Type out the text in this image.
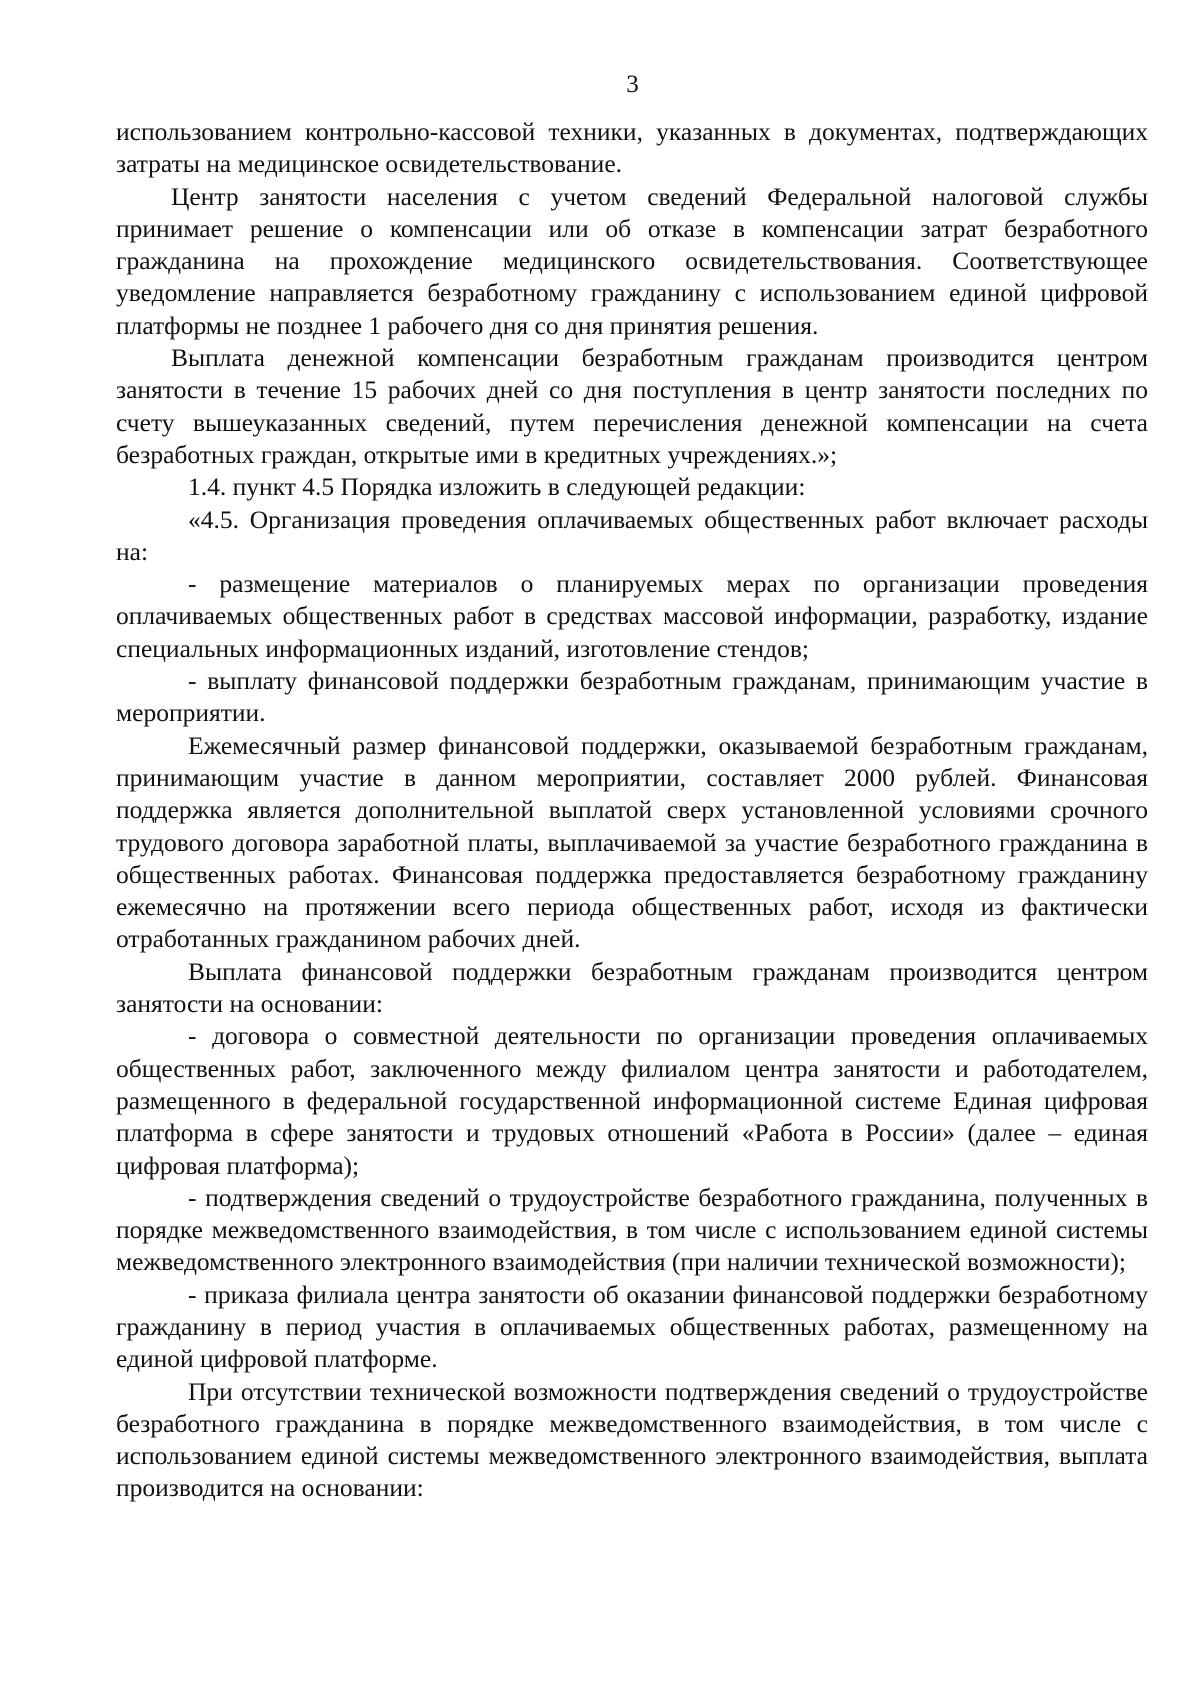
3

использованием контрольно-кассовой техники, указанных в документах, подтверждающих затраты на медицинское освидетельствование.

Центр занятости населения с учетом сведений Федеральной налоговой службы принимает решение о компенсации или об отказе в компенсации затрат безработного гражданина на прохождение медицинского освидетельствования. Соответствующее уведомление направляется безработному гражданину с использованием единой цифровой платформы не позднее 1 рабочего дня со дня принятия решения.

Выплата денежной компенсации безработным гражданам производится центром занятости в течение 15 рабочих дней со дня поступления в центр занятости последних по счету вышеуказанных сведений, путем перечисления денежной компенсации на счета безработных граждан, открытые ими в кредитных учреждениях.»;

1.4. пункт 4.5 Порядка изложить в следующей редакции:

«4.5. Организация проведения оплачиваемых общественных работ включает расходы на:

- размещение материалов о планируемых мерах по организации проведения оплачиваемых общественных работ в средствах массовой информации, разработку, издание специальных информационных изданий, изготовление стендов;

- выплату финансовой поддержки безработным гражданам, принимающим участие в мероприятии.

Ежемесячный размер финансовой поддержки, оказываемой безработным гражданам, принимающим участие в данном мероприятии, составляет 2000 рублей. Финансовая поддержка является дополнительной выплатой сверх установленной условиями срочного трудового договора заработной платы, выплачиваемой за участие безработного гражданина в общественных работах. Финансовая поддержка предоставляется безработному гражданину ежемесячно на протяжении всего периода общественных работ, исходя из фактически отработанных гражданином рабочих дней.

Выплата финансовой поддержки безработным гражданам производится центром занятости на основании:

- договора о совместной деятельности по организации проведения оплачиваемых общественных работ, заключенного между филиалом центра занятости и работодателем, размещенного в федеральной государственной информационной системе Единая цифровая платформа в сфере занятости и трудовых отношений «Работа в России» (далее – единая цифровая платформа);

- подтверждения сведений о трудоустройстве безработного гражданина, полученных в порядке межведомственного взаимодействия, в том числе с использованием единой системы межведомственного электронного взаимодействия (при наличии технической возможности);

- приказа филиала центра занятости об оказании финансовой поддержки безработному гражданину в период участия в оплачиваемых общественных работах, размещенному на единой цифровой платформе.

При отсутствии технической возможности подтверждения сведений о трудоустройстве безработного гражданина в порядке межведомственного взаимодействия, в том числе с использованием единой системы межведомственного электронного взаимодействия, выплата производится на основании:
